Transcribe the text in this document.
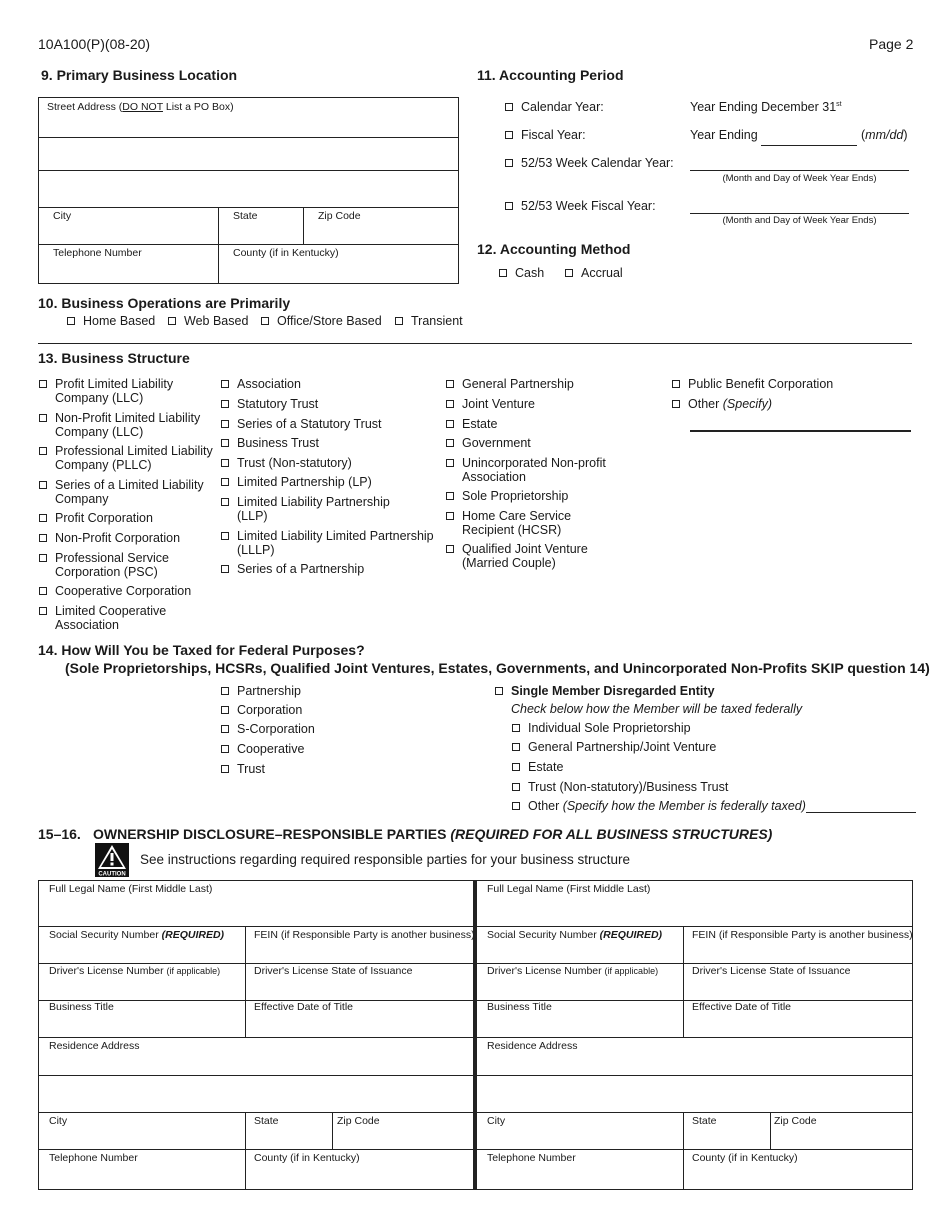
10A100(P)(08-20)	Page 2
9. Primary Business Location
Street Address (DO NOT List a PO Box)
City	State	Zip Code
Telephone Number	County (if in Kentucky)
11. Accounting Period
Calendar Year:	Year Ending December 31st
Fiscal Year:	Year Ending	(mm/dd)
52/53 Week Calendar Year:
(Month and Day of Week Year Ends)
52/53 Week Fiscal Year:
(Month and Day of Week Year Ends)
12. Accounting Method
Cash	Accrual
10. Business Operations are Primarily
Home Based	Web Based	Office/Store Based	Transient
13. Business Structure
Profit Limited Liability
Company (LLC)
Non-Profit Limited Liability
Company (LLC)
Professional Limited Liability
Company (PLLC)
Series of a Limited Liability
Company
Profit Corporation
Non-Profit Corporation
Professional Service
Corporation (PSC)
Cooperative Corporation
Limited Cooperative
Association
Association
Statutory Trust
Series of a Statutory Trust
Business Trust
Trust (Non-statutory)
Limited Partnership (LP)
Limited Liability Partnership
(LLP)
Limited Liability Limited Partnership
(LLLP)
Series of a Partnership
General Partnership
Joint Venture
Estate
Government
Unincorporated Non-profit
Association
Sole Proprietorship
Home Care Service
Recipient (HCSR)
Qualified Joint Venture
(Married Couple)
Public Benefit Corporation
Other (Specify)
14. How Will You be Taxed for Federal Purposes?
(Sole Proprietorships, HCSRs, Qualified Joint Ventures, Estates, Governments, and Unincorporated Non-Profits SKIP question 14)
Partnership
Corporation
S-Corporation
Cooperative
Trust
Single Member Disregarded Entity
Check below how the Member will be taxed federally
Individual Sole Proprietorship
General Partnership/Joint Venture
Estate
Trust (Non-statutory)/Business Trust
Other (Specify how the Member is federally taxed)
15–16. OWNERSHIP DISCLOSURE–RESPONSIBLE PARTIES (REQUIRED FOR ALL BUSINESS STRUCTURES)
CAUTION
See instructions regarding required responsible parties for your business structure
Full Legal Name (First Middle Last)
Social Security Number (REQUIRED)	FEIN (if Responsible Party is another business)
Driver's License Number (if applicable)	Driver's License State of Issuance
Business Title	Effective Date of Title
Residence Address
City	State	Zip Code
Telephone Number	County (if in Kentucky)
Full Legal Name (First Middle Last)
Social Security Number (REQUIRED)	FEIN (if Responsible Party is another business)
Driver's License Number (if applicable)	Driver's License State of Issuance
Business Title	Effective Date of Title
Residence Address
City	State	Zip Code
Telephone Number	County (if in Kentucky)
